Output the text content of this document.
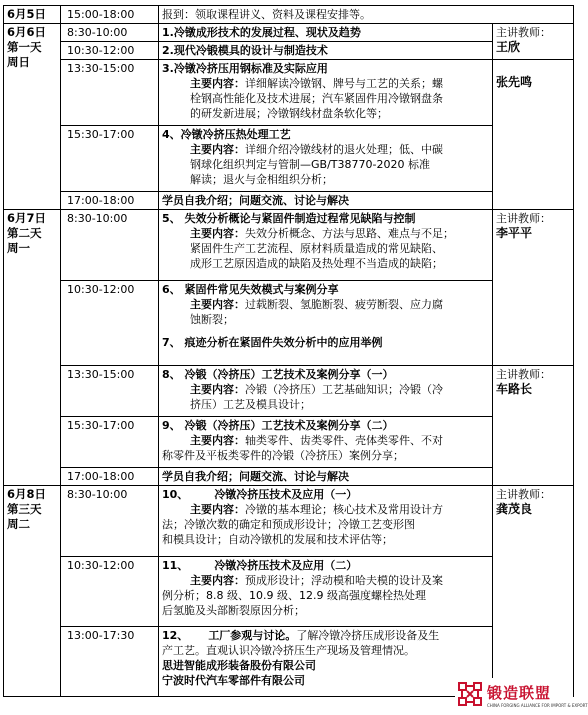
6月5日	15:00-18:00	报到：领取课程讲义、资料及课程安排等。	

6月6日
第一天
周日	8:30-10:00	1.冷镦成形技术的发展过程、现状及趋势	主讲教师：
王欣

	10:30-12:00	2.现代冷锻模具的设计与制造技术	
	13:30-15:00	3.冷镦冷挤压用钢标准及实际应用
主要内容：详细解读冷镦钢、牌号与工艺的关系；螺
栓钢高性能化及技术进展；汽车紧固件用冷镦钢盘条
的研发新进展；冷镦钢线材盘条软化等；	张先鸣

	15:30-17:00	4、冷镦冷挤压热处理工艺
主要内容：详细介绍冷镦线材的退火处理；低、中碳
钢球化组织判定与管制—GB/T38770-2020 标准
解读；退火与金相组织分析；	

	17:00-18:00	学员自我介绍；问题交流、讨论与解决	

6月7日
第二天
周一	8:30-10:00	5、 失效分析概论与紧固件制造过程常见缺陷与控制
主要内容：失效分析概念、方法与思路、难点与不足；
紧固件生产工艺流程、原材料质量造成的常见缺陷、
成形工艺原因造成的缺陷及热处理不当造成的缺陷；	主讲教师：
李平平

	10:30-12:00	6、 紧固件常见失效模式与案例分享
主要内容：过载断裂、氢脆断裂、疲劳断裂、应力腐
蚀断裂；
7、 痕迹分析在紧固件失效分析中的应用举例	

	13:30-15:00	8、 冷锻（冷挤压）工艺技术及案例分享（一）
主要内容：冷锻（冷挤压）工艺基础知识；冷锻（冷
挤压）工艺及模具设计；	主讲教师：
车路长

	15:30-17:00	9、 冷锻（冷挤压）工艺技术及案例分享（二）
主要内容：轴类零件、齿类零件、壳体类零件、不对
称零件及平板类零件的冷锻（冷挤压）案例分享；	

	17:00-18:00	学员自我介绍；问题交流、讨论与解决	

6月8日
第三天
周二	8:30-10:00	10、 冷镦冷挤压技术及应用（一）
主要内容：冷镦的基本理论；核心技术及常用设计方
法；冷镦次数的确定和预成形设计；冷镦工艺变形图
和模具设计；自动冷镦机的发展和技术评估等；	主讲教师：
龚茂良

	10:30-12:00	11、 冷镦冷挤压技术及应用（二）
主要内容：预成形设计；浮动模和哈夫模的设计及案
例分析；8.8 级、10.9 级、12.9 级高强度螺栓热处理
后氢脆及头部断裂原因分析；	

	13:00-17:30	12、 工厂参观与讨论。了解冷镦冷挤压成形设备及生
产工艺。直观认识冷镦冷挤压生产现场及管理情况。
思进智能成形装备股份有限公司
宁波时代汽车零部件有限公司	
锻造联盟
CHINA FORGING ALLIANCE FOR IMPORT & EXPORT
